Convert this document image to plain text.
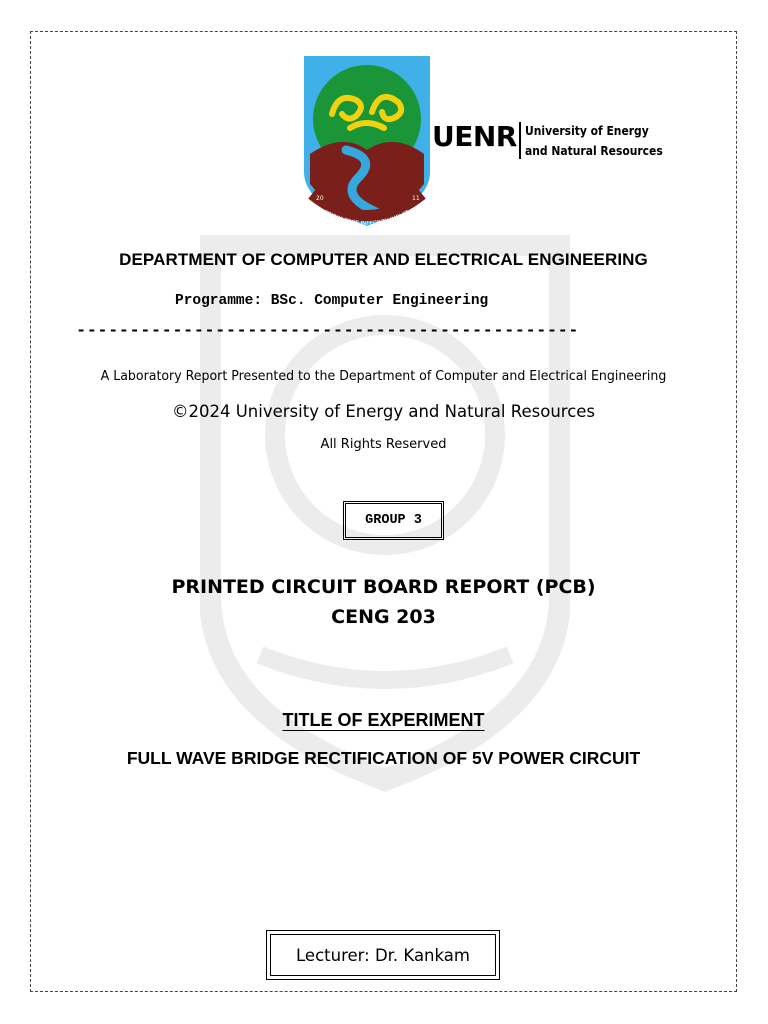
KNOWLEDGE INTEGRITY IMPACT
20	11
UENR University of Energy
and Natural Resources
DEPARTMENT OF COMPUTER AND ELECTRICAL ENGINEERING
Programme: BSc. Computer Engineering
-----------------------------------------------
A Laboratory Report Presented to the Department of Computer and Electrical Engineering
©2024 University of Energy and Natural Resources
All Rights Reserved
GROUP 3
PRINTED CIRCUIT BOARD REPORT (PCB)
CENG 203
TITLE OF EXPERIMENT
FULL WAVE BRIDGE RECTIFICATION OF 5V POWER CIRCUIT
Lecturer: Dr. Kankam
